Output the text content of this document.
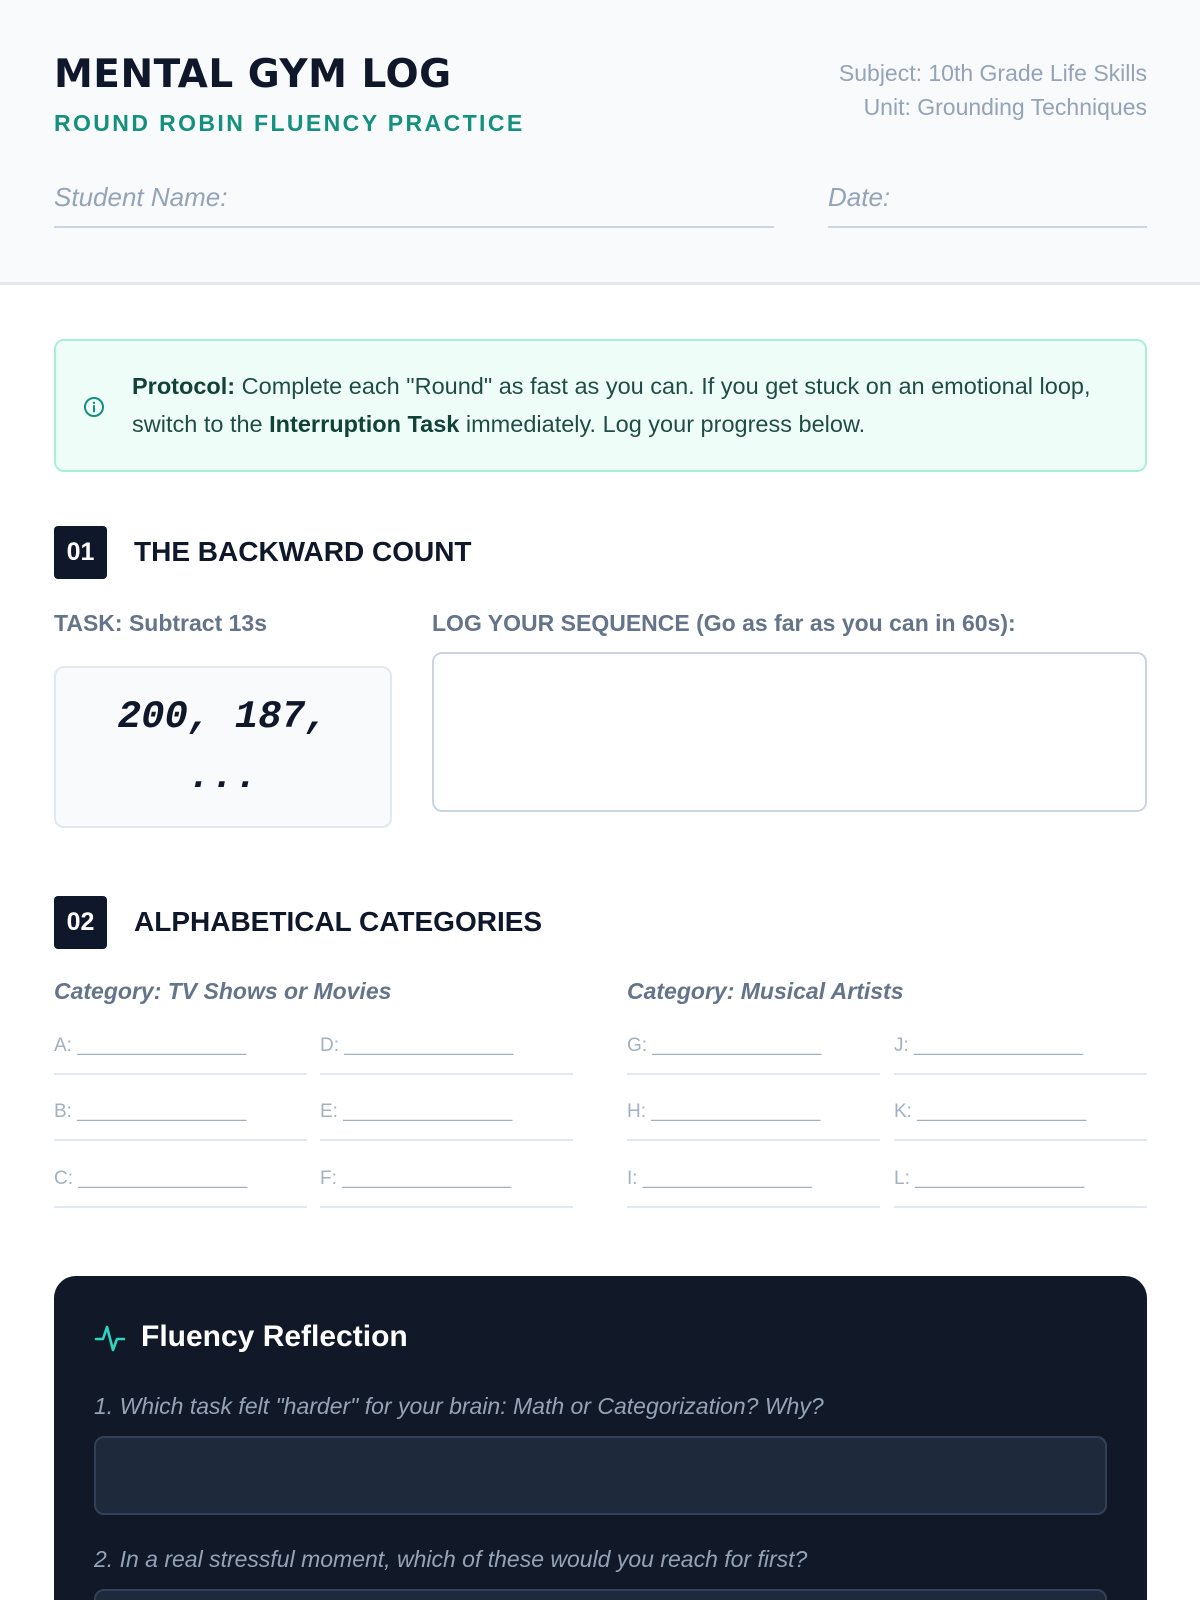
MENTAL GYM LOG
ROUND ROBIN FLUENCY PRACTICE
Subject: 10th Grade Life Skills
Unit: Grounding Techniques
Student Name:	Date:
Protocol: Complete each "Round" as fast as you can. If you get stuck on an emotional loop, switch to the Interruption Task immediately. Log your progress below.
01	THE BACKWARD COUNT
TASK: Subtract 13s
200, 187, ...
LOG YOUR SEQUENCE (Go as far as you can in 60s):
02	ALPHABETICAL CATEGORIES
Category: TV Shows or Movies	Category: Musical Artists
A: ________________	D: ________________	G: ________________	J: ________________
B: ________________	E: ________________	H: ________________	K: ________________
C: ________________	F: ________________	I: ________________	L: ________________
Fluency Reflection
1. Which task felt "harder" for your brain: Math or Categorization? Why?
2. In a real stressful moment, which of these would you reach for first?
